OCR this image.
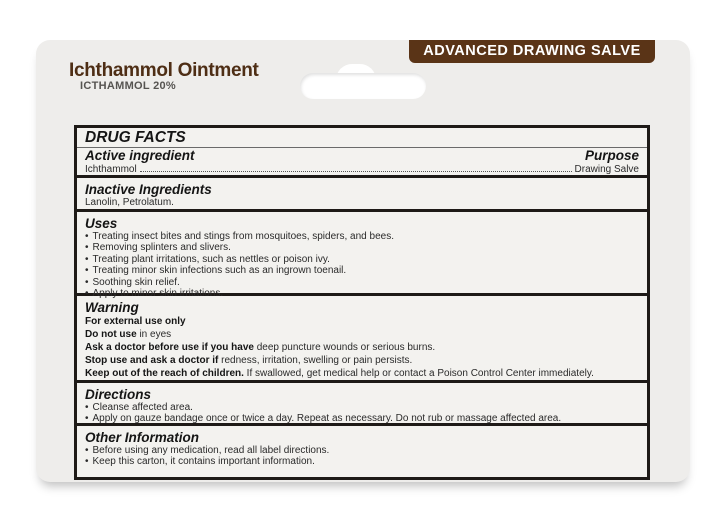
ADVANCED DRAWING SALVE
Ichthammol Ointment
ICTHAMMOL 20%
DRUG FACTS
Active ingredient	Purpose
Ichthammol	Drawing Salve
Inactive Ingredients
Lanolin, Petrolatum.
Uses
• Treating insect bites and stings from mosquitoes, spiders, and bees.
• Removing splinters and slivers.
• Treating plant irritations, such as nettles or poison ivy.
• Treating minor skin infections such as an ingrown toenail.
• Soothing skin relief.
• Apply to minor skin irritations.
Warning
For external use only
Do not use in eyes
Ask a doctor before use if you have deep puncture wounds or serious burns.
Stop use and ask a doctor if redness, irritation, swelling or pain persists.
Keep out of the reach of children. If swallowed, get medical help or contact a Poison Control Center immediately.
Directions
• Cleanse affected area.
• Apply on gauze bandage once or twice a day. Repeat as necessary. Do not rub or massage affected area.
Other Information
• Before using any medication, read all label directions.
• Keep this carton, it contains important information.
